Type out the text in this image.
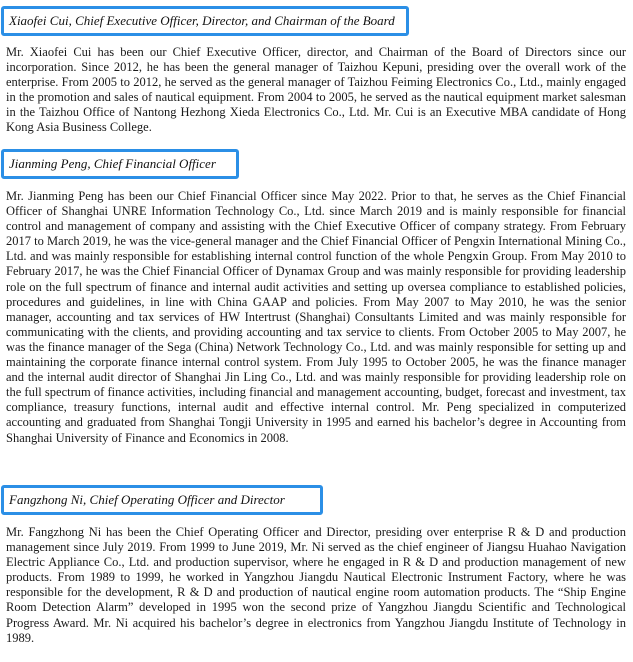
Xiaofei Cui, Chief Executive Officer, Director, and Chairman of the Board

Mr. Xiaofei Cui has been our Chief Executive Officer, director, and Chairman of the Board of Directors since our incorporation. Since 2012, he has been the general manager of Taizhou Kepuni, presiding over the overall work of the enterprise. From 2005 to 2012, he served as the general manager of Taizhou Feiming Electronics Co., Ltd., mainly engaged in the promotion and sales of nautical equipment. From 2004 to 2005, he served as the nautical equipment market salesman in the Taizhou Office of Nantong Hezhong Xieda Electronics Co., Ltd. Mr. Cui is an Executive MBA candidate of Hong Kong Asia Business College.

Jianming Peng, Chief Financial Officer

Mr. Jianming Peng has been our Chief Financial Officer since May 2022. Prior to that, he serves as the Chief Financial Officer of Shanghai UNRE Information Technology Co., Ltd. since March 2019 and is mainly responsible for financial control and management of company and assisting with the Chief Executive Officer of company strategy. From February 2017 to March 2019, he was the vice-general manager and the Chief Financial Officer of Pengxin International Mining Co., Ltd. and was mainly responsible for establishing internal control function of the whole Pengxin Group. From May 2010 to February 2017, he was the Chief Financial Officer of Dynamax Group and was mainly responsible for providing leadership role on the full spectrum of finance and internal audit activities and setting up oversea compliance to established policies, procedures and guidelines, in line with China GAAP and policies. From May 2007 to May 2010, he was the senior manager, accounting and tax services of HW Intertrust (Shanghai) Consultants Limited and was mainly responsible for communicating with the clients, and providing accounting and tax service to clients. From October 2005 to May 2007, he was the finance manager of the Sega (China) Network Technology Co., Ltd. and was mainly responsible for setting up and maintaining the corporate finance internal control system. From July 1995 to October 2005, he was the finance manager and the internal audit director of Shanghai Jin Ling Co., Ltd. and was mainly responsible for providing leadership role on the full spectrum of finance activities, including financial and management accounting, budget, forecast and investment, tax compliance, treasury functions, internal audit and effective internal control. Mr. Peng specialized in computerized accounting and graduated from Shanghai Tongji University in 1995 and earned his bachelor’s degree in Accounting from Shanghai University of Finance and Economics in 2008.

Fangzhong Ni, Chief Operating Officer and Director

Mr. Fangzhong Ni has been the Chief Operating Officer and Director, presiding over enterprise R & D and production management since July 2019. From 1999 to June 2019, Mr. Ni served as the chief engineer of Jiangsu Huahao Navigation Electric Appliance Co., Ltd. and production supervisor, where he engaged in R & D and production management of new products. From 1989 to 1999, he worked in Yangzhou Jiangdu Nautical Electronic Instrument Factory, where he was responsible for the development, R & D and production of nautical engine room automation products. The “Ship Engine Room Detection Alarm” developed in 1995 won the second prize of Yangzhou Jiangdu Scientific and Technological Progress Award. Mr. Ni acquired his bachelor’s degree in electronics from Yangzhou Jiangdu Institute of Technology in 1989.
